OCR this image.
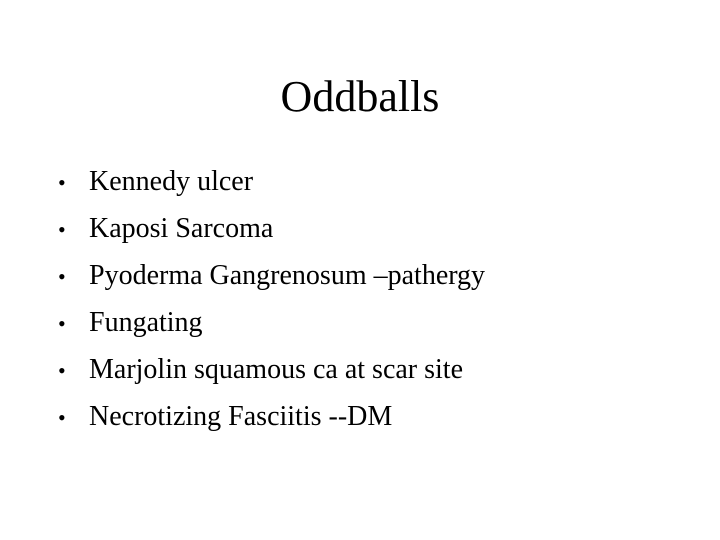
Oddballs
• Kennedy ulcer
• Kaposi Sarcoma
• Pyoderma Gangrenosum –pathergy
• Fungating
• Marjolin squamous ca at scar site
• Necrotizing Fasciitis --DM
